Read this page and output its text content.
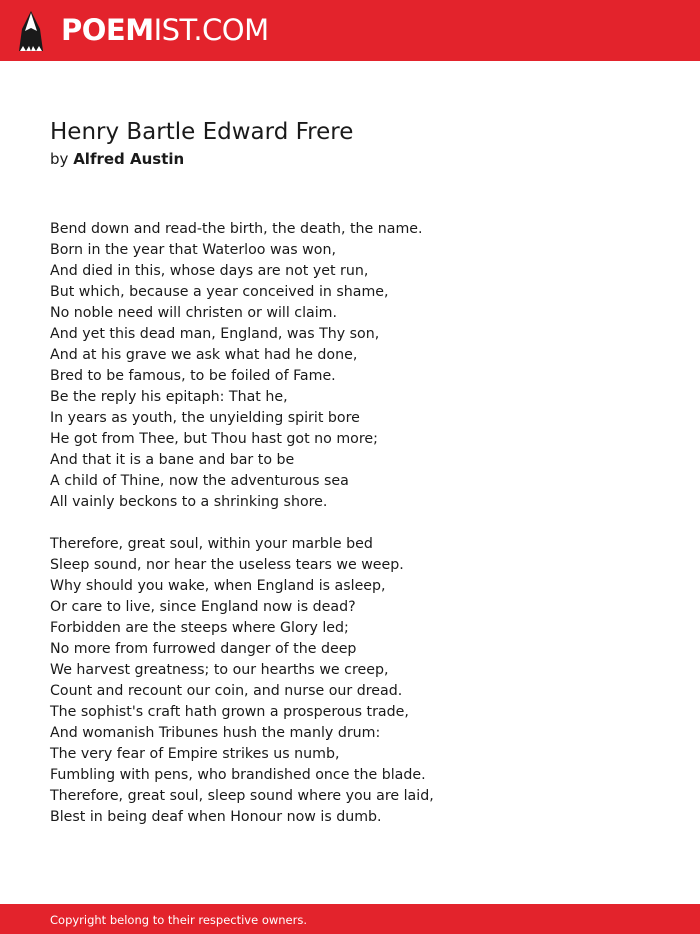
POEMIST.COM
Henry Bartle Edward Frere
by Alfred Austin
Bend down and read-the birth, the death, the name.
Born in the year that Waterloo was won,
And died in this, whose days are not yet run,
But which, because a year conceived in shame,
No noble need will christen or will claim.
And yet this dead man, England, was Thy son,
And at his grave we ask what had he done,
Bred to be famous, to be foiled of Fame.
Be the reply his epitaph: That he,
In years as youth, the unyielding spirit bore
He got from Thee, but Thou hast got no more;
And that it is a bane and bar to be
A child of Thine, now the adventurous sea
All vainly beckons to a shrinking shore.
Therefore, great soul, within your marble bed
Sleep sound, nor hear the useless tears we weep.
Why should you wake, when England is asleep,
Or care to live, since England now is dead?
Forbidden are the steeps where Glory led;
No more from furrowed danger of the deep
We harvest greatness; to our hearths we creep,
Count and recount our coin, and nurse our dread.
The sophist's craft hath grown a prosperous trade,
And womanish Tribunes hush the manly drum:
The very fear of Empire strikes us numb,
Fumbling with pens, who brandished once the blade.
Therefore, great soul, sleep sound where you are laid,
Blest in being deaf when Honour now is dumb.
Copyright belong to their respective owners.
